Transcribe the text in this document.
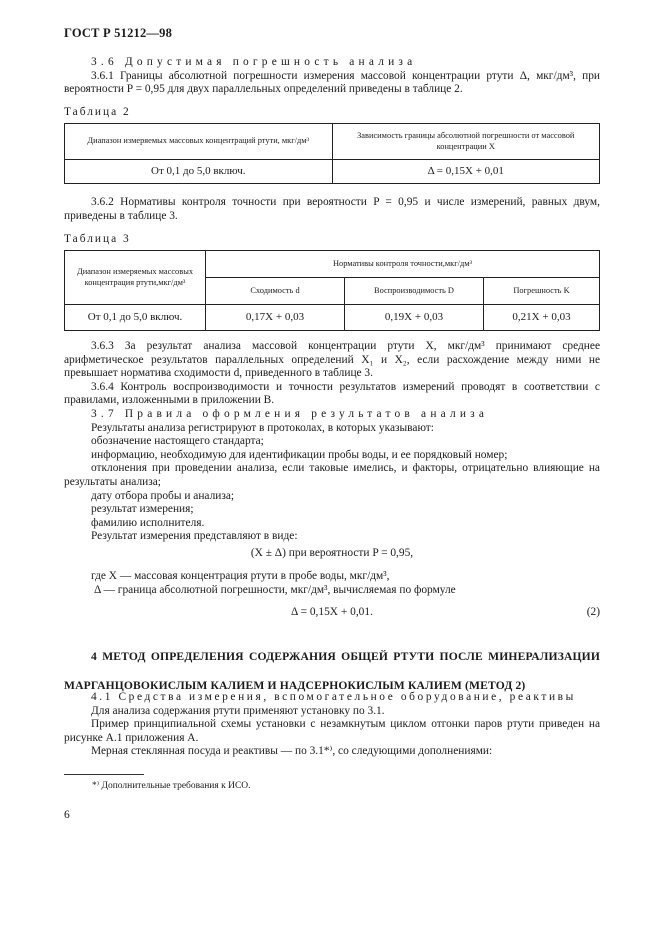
ГОСТ Р 51212—98

3.6 Допустимая погрешность анализа

3.6.1 Границы абсолютной погрешности измерения массовой концентрации ртути Δ, мкг/дм³, при вероятности P = 0,95 для двух параллельных определений приведены в таблице 2.

Таблица 2
Диапазон измеряемых массовых концентраций ртути, мкг/дм³	Зависимость границы абсолютной погрешности от массовой концентрации X
От 0,1 до 5,0 включ.	Δ = 0,15X + 0,01

3.6.2 Нормативы контроля точности при вероятности P = 0,95 и числе измерений, равных двум, приведены в таблице 3.

Таблица 3
Диапазон измеряемых массовых концентрация ртути,мкг/дм³	Нормативы контроля точности,мкг/дм³		
	Сходимость d	Воспроизводимость D	Погрешность K
От 0,1 до 5,0 включ.	0,17X + 0,03	0,19X + 0,03	0,21X + 0,03

3.6.3 За результат анализа массовой концентрации ртути X, мкг/дм³ принимают среднее арифметическое результатов параллельных определений X₁ и X₂, если расхождение между ними не превышает норматива сходимости d, приведенного в таблице 3.

3.6.4 Контроль воспроизводимости и точности результатов измерений проводят в соответствии с правилами, изложенными в приложении В.

3.7 Правила оформления результатов анализа

Результаты анализа регистрируют в протоколах, в которых указывают:

обозначение настоящего стандарта;

информацию, необходимую для идентификации пробы воды, и ее порядковый номер;

отклонения при проведении анализа, если таковые имелись, и факторы, отрицательно влияющие на результаты анализа;

дату отбора пробы и анализа;

результат измерения;

фамилию исполнителя.

Результат измерения представляют в виде:

(X ± Δ) при вероятности P = 0,95,

где X — массовая концентрация ртути в пробе воды, мкг/дм³,

Δ — граница абсолютной погрешности, мкг/дм³, вычисляемая по формуле

Δ = 0,15X + 0,01.	(2)
4 МЕТОД ОПРЕДЕЛЕНИЯ СОДЕРЖАНИЯ ОБЩЕЙ РТУТИ ПОСЛЕ МИНЕРАЛИЗАЦИИ МАРГАНЦОВОКИСЛЫМ КАЛИЕМ И НАДСЕРНОКИСЛЫМ КАЛИЕМ (МЕТОД 2)

4.1 Средства измерения, вспомогательное оборудование, реактивы

Для анализа содержания ртути применяют установку по 3.1.

Пример принципиальной схемы установки с незамкнутым циклом отгонки паров ртути приведен на рисунке А.1 приложения А.

Мерная стеклянная посуда и реактивы — по 3.1*⁾, со следующими дополнениями:

*⁾ Дополнительные требования к ИСО.
6
